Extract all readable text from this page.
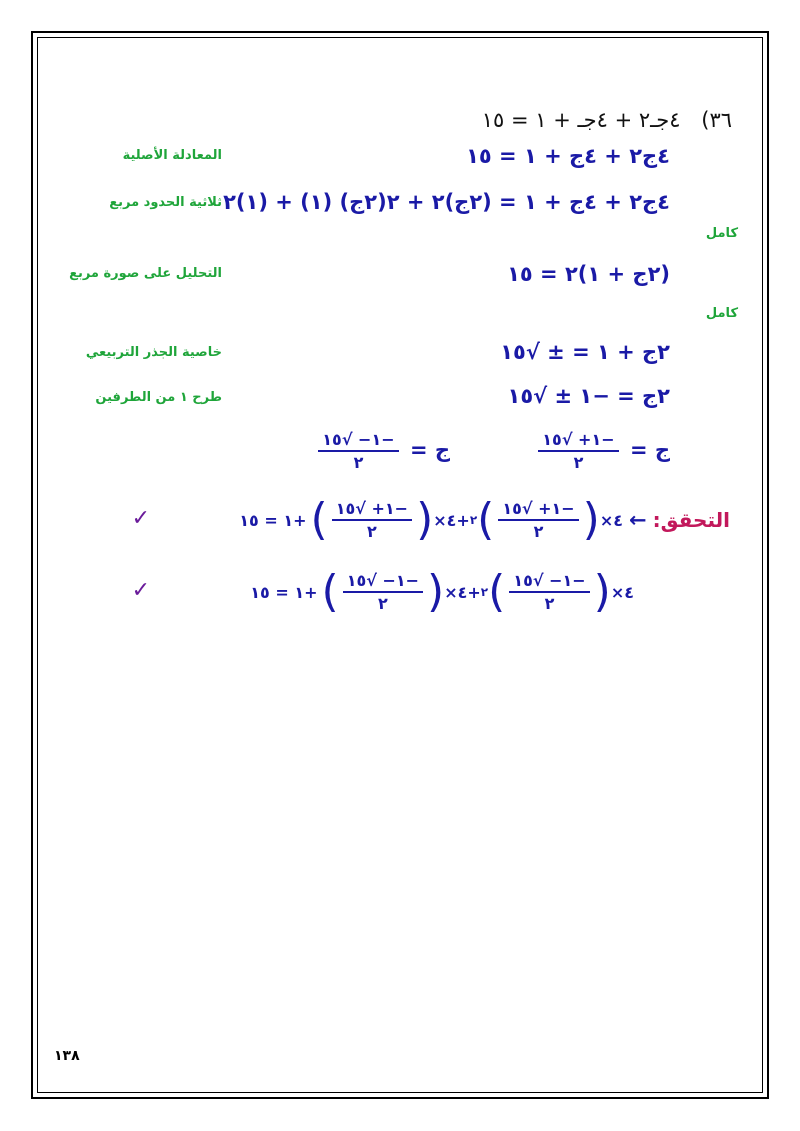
٣٦) ٤جـ٢ + ٤جـ + ١ = ١٥
٤ج٢ + ٤ج + ١ = ١٥
المعادلة الأصلية
٤ج٢ + ٤ج + ١ = (٢ج)٢ + ٢(٢ج) (١) + (١)٢
ثلاثية الحدود مربع
كامل
(٢ج + ١)٢ = ١٥
التحليل على صورة مربع
كامل
٢ج + ١ = ± √١٥
خاصية الجذر التربيعي
٢ج = −١ ± √١٥
طرح ١ من الطرفين
ج =
$\frac{-١+ √١٥}{٢}$
ج =
$\frac{-١- √١٥}{٢}$
التحقق:
←
٤×
(
$\frac{-١+ √١٥}{٢}$
)
٢
+
٤×
(
$\frac{-١+ √١٥}{٢}$
)
+١ = ١٥
✓
٤×
(
$\frac{-١- √١٥}{٢}$
)
٢
+
٤×
(
$\frac{-١- √١٥}{٢}$
)
+١ = ١٥
✓
١٣٨
